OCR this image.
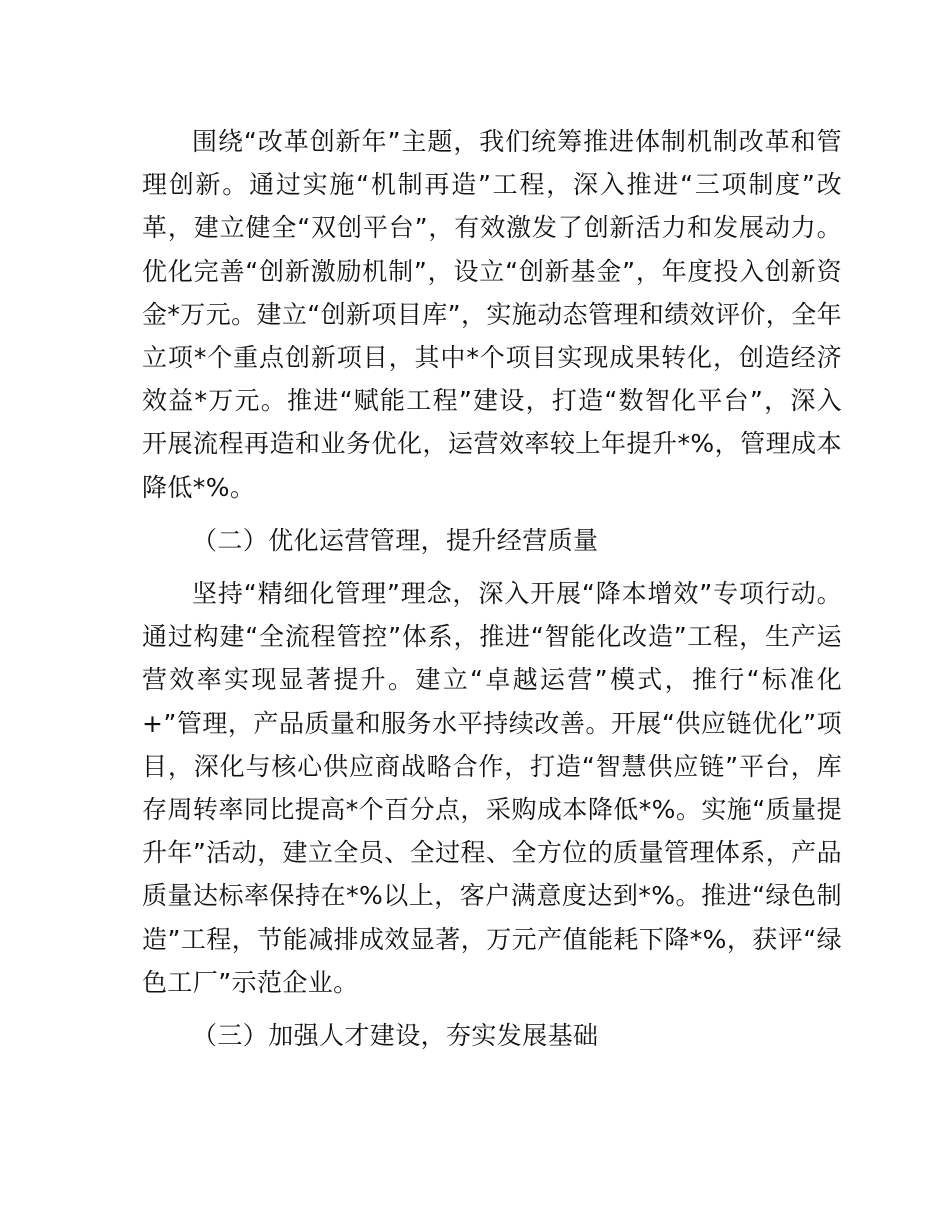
围绕“改革创新年”主题，我们统筹推进体制机制改革和管理创新。通过实施“机制再造”工程，深入推进“三项制度”改革，建立健全“双创平台”，有效激发了创新活力和发展动力。优化完善“创新激励机制”，设立“创新基金”，年度投入创新资金*万元。建立“创新项目库”，实施动态管理和绩效评价，全年立项*个重点创新项目，其中*个项目实现成果转化，创造经济效益*万元。推进“赋能工程”建设，打造“数智化平台”，深入开展流程再造和业务优化，运营效率较上年提升*%，管理成本降低*%。

（二）优化运营管理，提升经营质量

坚持“精细化管理”理念，深入开展“降本增效”专项行动。通过构建“全流程管控”体系，推进“智能化改造”工程，生产运营效率实现显著提升。建立“卓越运营”模式，推行“标准化+”管理，产品质量和服务水平持续改善。开展“供应链优化”项目，深化与核心供应商战略合作，打造“智慧供应链”平台，库存周转率同比提高*个百分点，采购成本降低*%。实施“质量提升年”活动，建立全员、全过程、全方位的质量管理体系，产品质量达标率保持在*%以上，客户满意度达到*%。推进“绿色制造”工程，节能减排成效显著，万元产值能耗下降*%，获评“绿色工厂”示范企业。

（三）加强人才建设，夯实发展基础
